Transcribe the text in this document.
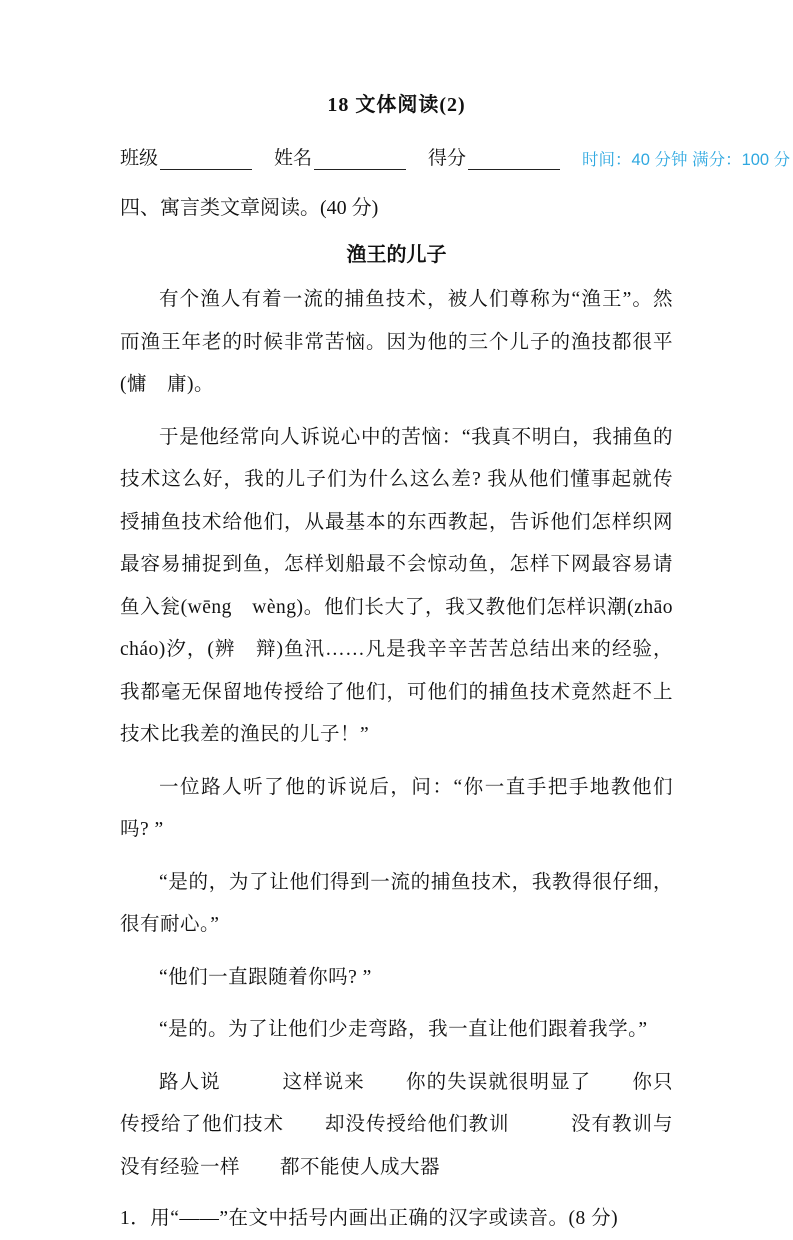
18 文体阅读(2)
班级	姓名	得分	时间：40 分钟 满分：100 分
四、寓言类文章阅读。(40 分)
渔王的儿子

有个渔人有着一流的捕鱼技术，被人们尊称为“渔王”。然而渔王年老的时候非常苦恼。因为他的三个儿子的渔技都很平(慵　庸)。

于是他经常向人诉说心中的苦恼：“我真不明白，我捕鱼的技术这么好，我的儿子们为什么这么差? 我从他们懂事起就传授捕鱼技术给他们，从最基本的东西教起，告诉他们怎样织网最容易捕捉到鱼，怎样划船最不会惊动鱼，怎样下网最容易请鱼入瓮(wēng　wèng)。他们长大了，我又教他们怎样识潮(zhāo　cháo)汐，(辨　辩)鱼汛……凡是我辛辛苦苦总结出来的经验，我都毫无保留地传授给了他们，可他们的捕鱼技术竟然赶不上技术比我差的渔民的儿子！”

一位路人听了他的诉说后，问：“你一直手把手地教他们吗? ”

“是的，为了让他们得到一流的捕鱼技术，我教得很仔细，很有耐心。”

“他们一直跟随着你吗? ”

“是的。为了让他们少走弯路，我一直让他们跟着我学。”

路人说　　　这样说来　　你的失误就很明显了　　你只传授给了他们技术　　却没传授给他们教训　　　没有教训与没有经验一样　　都不能使人成大器

1．用“——”在文中括号内画出正确的汉字或读音。(8 分)
